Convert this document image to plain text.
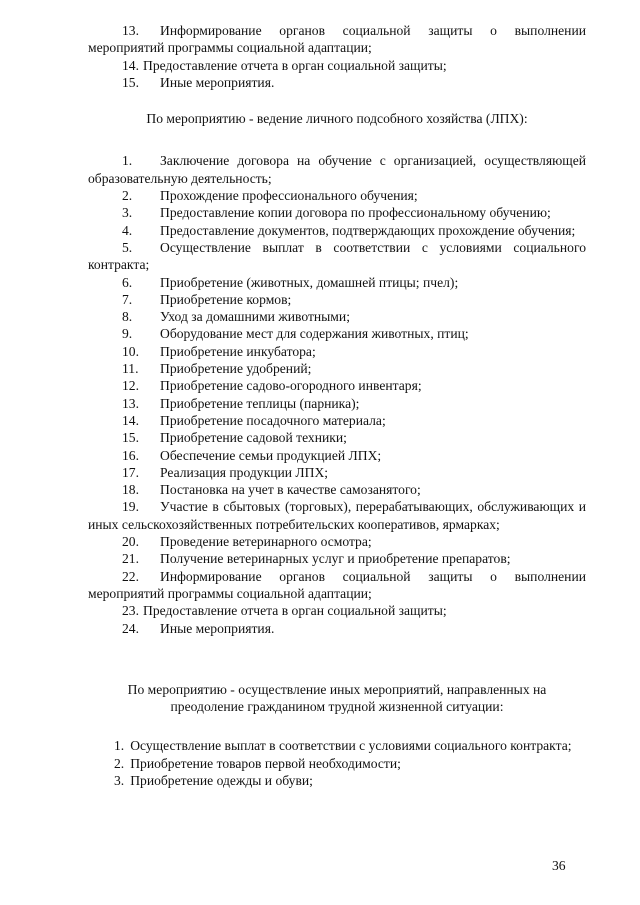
13. Информирование органов социальной защиты о выполнении мероприятий программы социальной адаптации;
14. Предоставление отчета в орган социальной защиты;
15. Иные мероприятия.
По мероприятию - ведение личного подсобного хозяйства (ЛПХ):
1. Заключение договора на обучение с организацией, осуществляющей образовательную деятельность;
2. Прохождение профессионального обучения;
3. Предоставление копии договора по профессиональному обучению;
4. Предоставление документов, подтверждающих прохождение обучения;
5. Осуществление выплат в соответствии с условиями социального контракта;
6. Приобретение (животных, домашней птицы; пчел);
7. Приобретение кормов;
8. Уход за домашними животными;
9. Оборудование мест для содержания животных, птиц;
10. Приобретение инкубатора;
11. Приобретение удобрений;
12. Приобретение садово-огородного инвентаря;
13. Приобретение теплицы (парника);
14. Приобретение посадочного материала;
15. Приобретение садовой техники;
16. Обеспечение семьи продукцией ЛПХ;
17. Реализация продукции ЛПХ;
18. Постановка на учет в качестве самозанятого;
19. Участие в сбытовых (торговых), перерабатывающих, обслуживающих и иных сельскохозяйственных потребительских кооперативов, ярмарках;
20. Проведение ветеринарного осмотра;
21. Получение ветеринарных услуг и приобретение препаратов;
22. Информирование органов социальной защиты о выполнении мероприятий программы социальной адаптации;
23. Предоставление отчета в орган социальной защиты;
24. Иные мероприятия.
По мероприятию - осуществление иных мероприятий, направленных на преодоление гражданином трудной жизненной ситуации:
1. Осуществление выплат в соответствии с условиями социального контракта;
2. Приобретение товаров первой необходимости;
3. Приобретение одежды и обуви;
36
